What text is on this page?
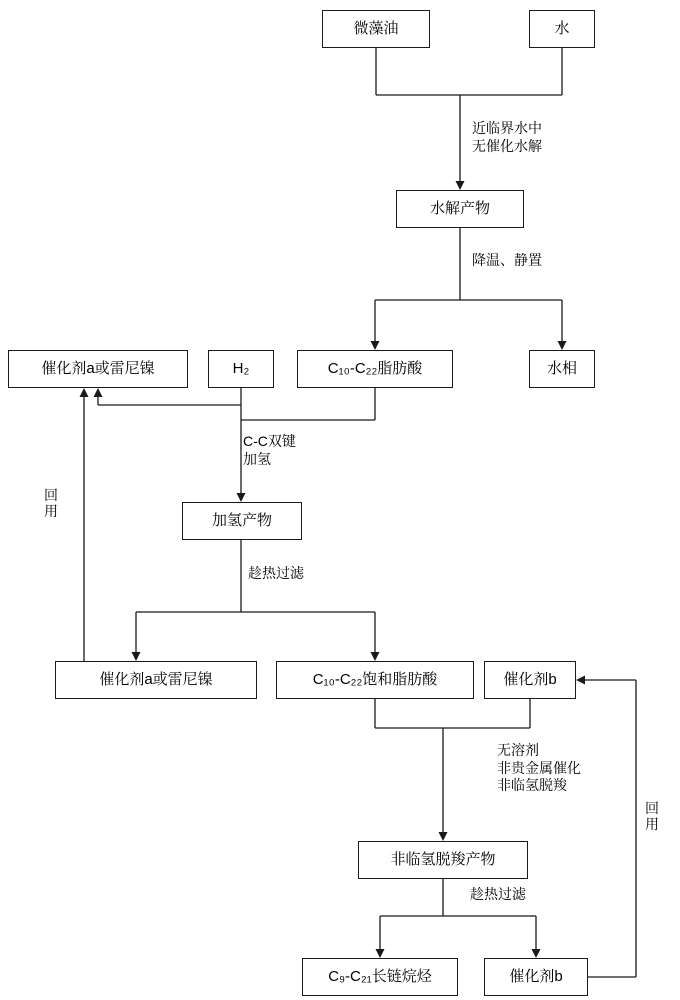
微藻油	水
水解产物
催化剂a或雷尼镍	H₂	C₁₀-C₂₂脂肪酸	水相
加氢产物
催化剂a或雷尼镍	C₁₀-C₂₂饱和脂肪酸	催化剂b
非临氢脱羧产物
C₉-C₂₁长链烷烃	催化剂b
近临界水中
无催化水解
降温、静置
C-C双键
加氢
趁热过滤
回用
无溶剂
非贵金属催化
非临氢脱羧
趁热过滤
回用
